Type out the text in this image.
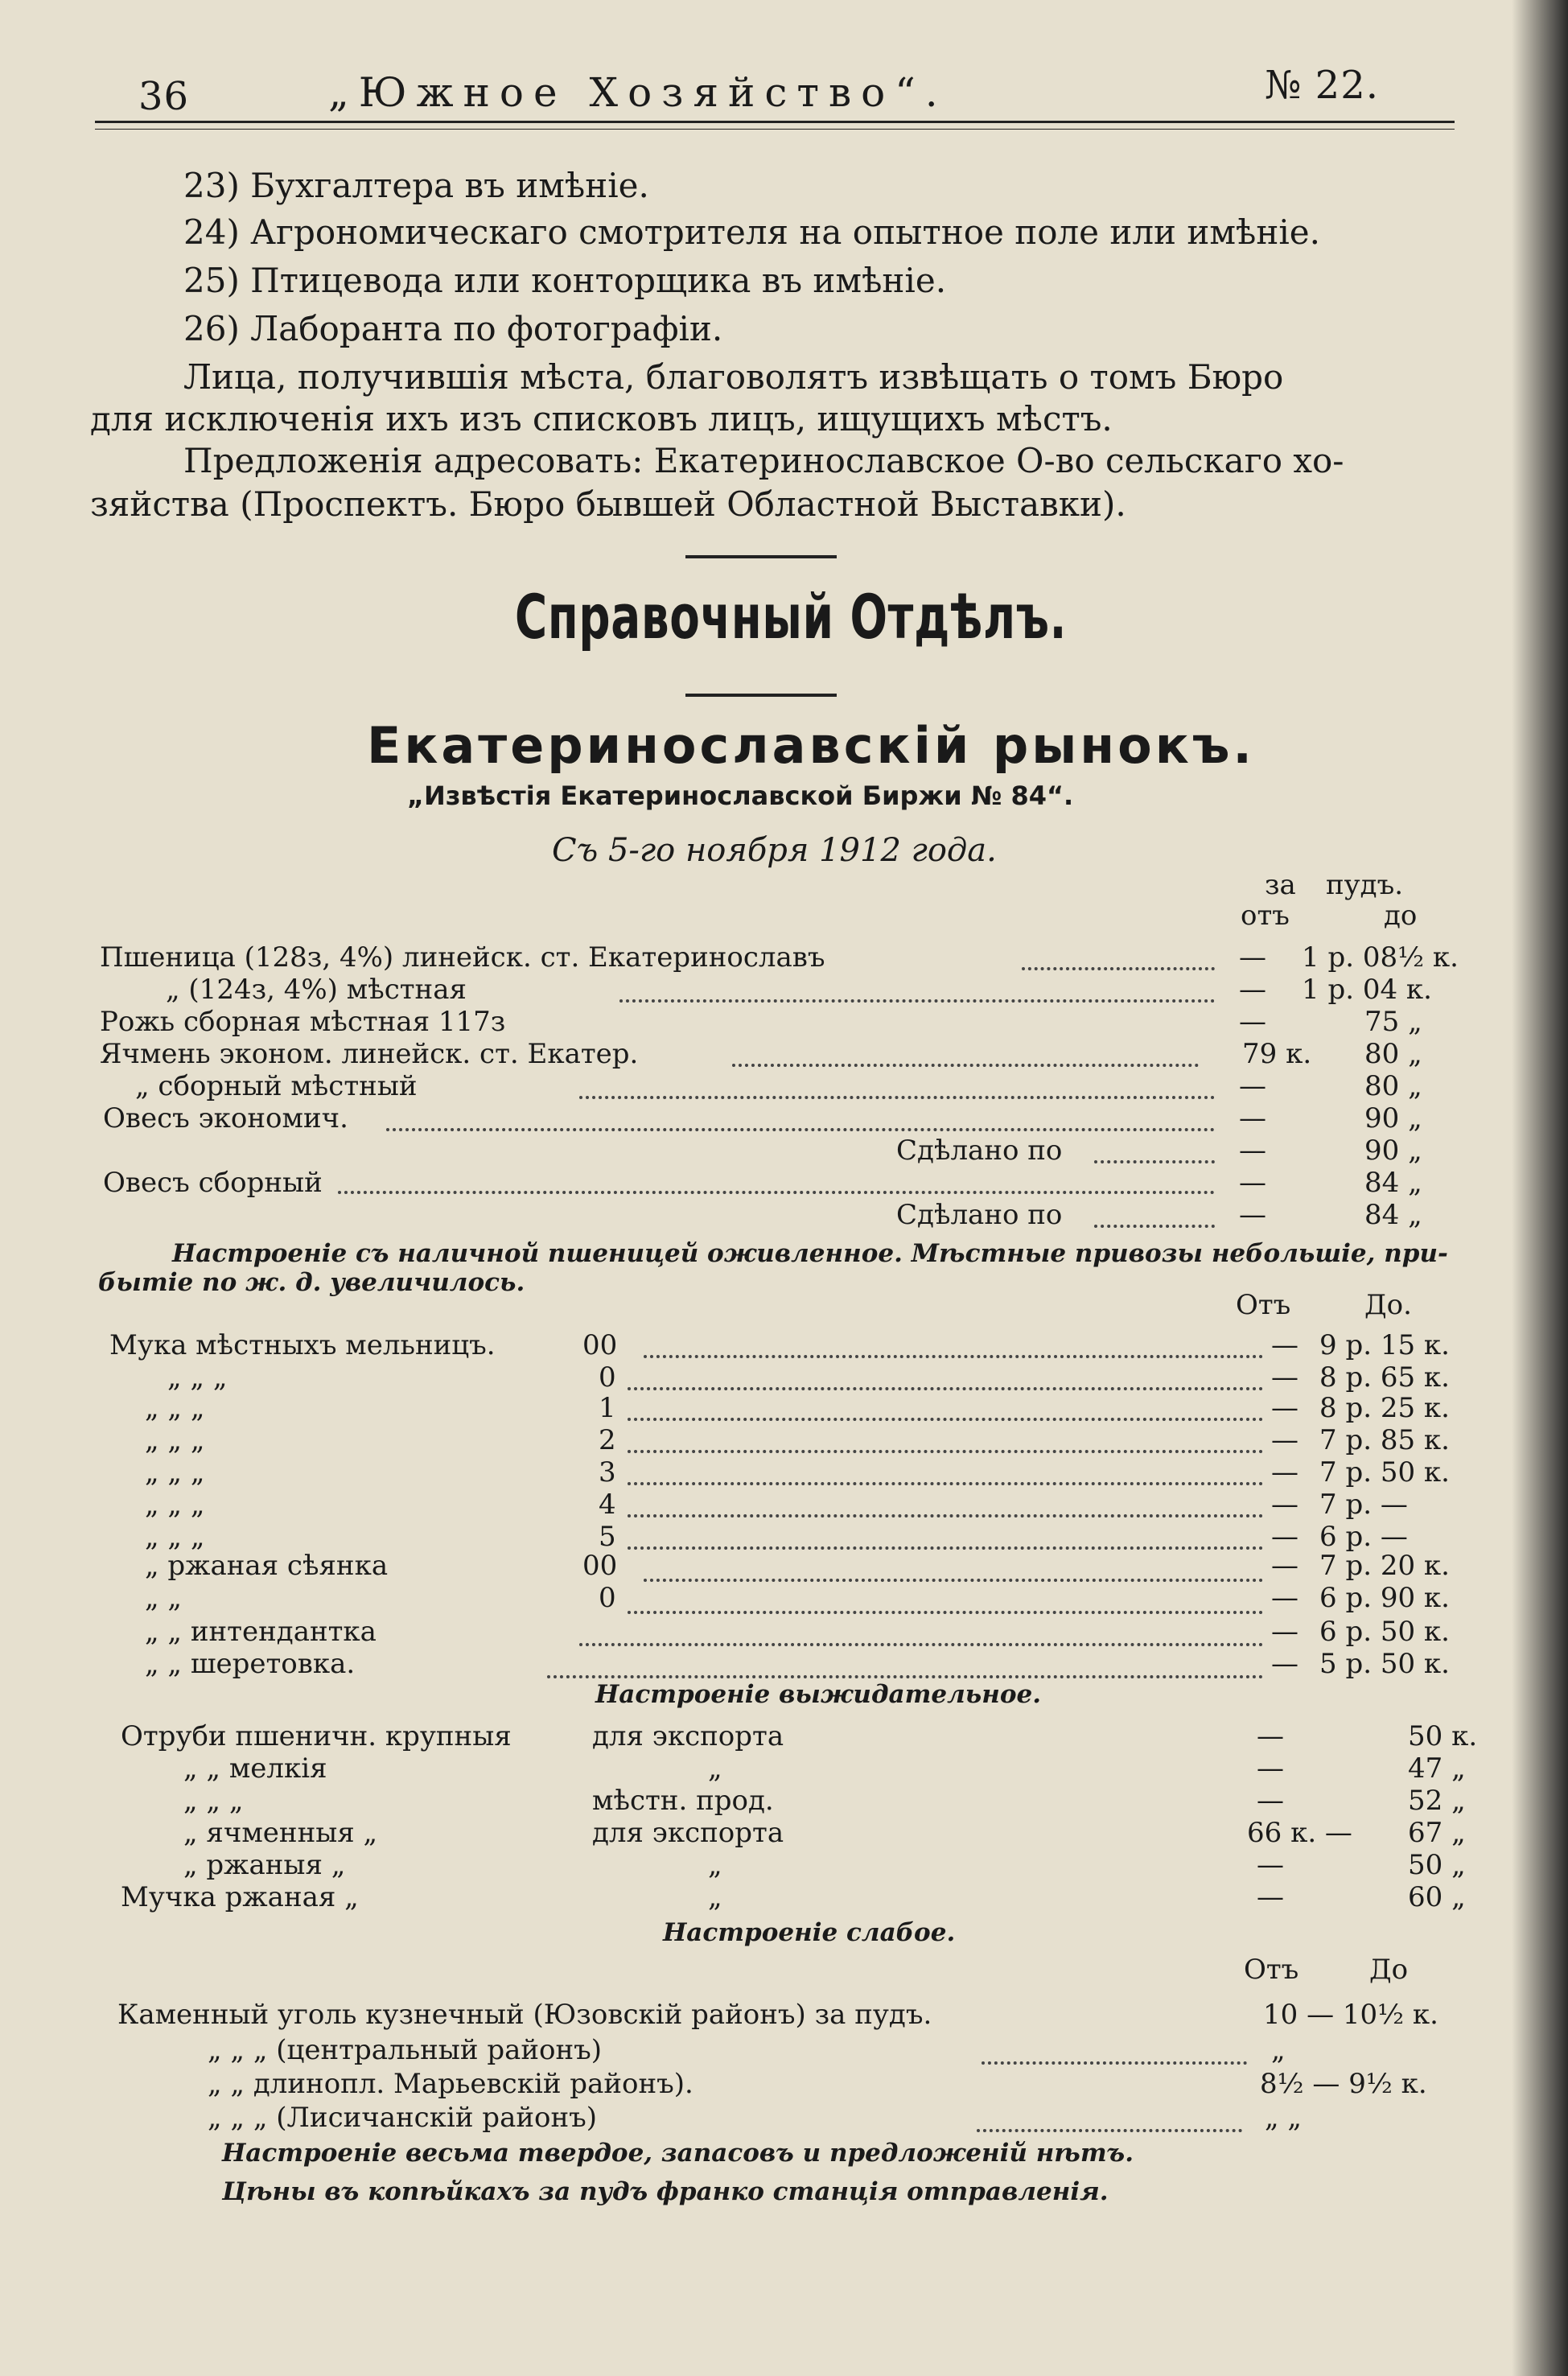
36	„Южное Хозяйство“.	№ 22.
23) Бухгалтера въ имѣніе.
24) Агрономическаго смотрителя на опытное поле или имѣніе.
25) Птицевода или конторщика въ имѣніе.
26) Лаборанта по фотографіи.
Лица, получившія мѣста, благоволятъ извѣщать о томъ Бюро
для исключенія ихъ изъ списковъ лицъ, ищущихъ мѣстъ.
Предложенія адресовать: Екатеринославское О-во сельскаго хо-
зяйства (Проспектъ. Бюро бывшей Областной Выставки).
Справочный Отдѣлъ.
Екатеринославскій рынокъ.
„Извѣстія Екатеринославской Биржи № 84“.
Съ 5-го ноября 1912 года.
за пудъ.
отъ	до
Пшеница (128з, 4%) линейск. ст. Екатеринославъ	— 1 р. 08½ к.
„ (124з, 4%) мѣстная	— 1 р. 04 к.
Рожь сборная мѣстная 117з	—	75 „
Ячмень эконом. линейск. ст. Екатер.	79 к. 80 „
„ сборный мѣстный	—	80 „
Овесъ экономич.	—	90 „
Сдѣлано по	—	90 „
Овесъ сборный	—	84 „
Сдѣлано по	—	84 „
Настроеніе съ наличной пшеницей оживленное. Мѣстные привозы небольшіе, при-
бытіе по ж. д. увеличилось.
Отъ	До.
Мука мѣстныхъ мельницъ.	00	— 9 р. 15 к.
„ „ „	0	— 8 р. 65 к.
„ „ „	1	— 8 р. 25 к.
„ „ „	2	— 7 р. 85 к.
„ „ „	3	— 7 р. 50 к.
„ „ „	4	— 7 р. —
„ „ „	5	— 6 р. —
„ ржаная сѣянка	00	— 7 р. 20 к.
„ „	0	— 6 р. 90 к.
„ „ интендантка	— 6 р. 50 к.
„ „ шеретовка.	— 5 р. 50 к.
Настроеніе выжидательное.
Отруби пшеничн. крупныя	для экспорта	—	50 к.
„ „ мелкія	„	—	47 „
„ „ „	мѣстн. прод.	—	52 „
„ ячменныя „	для экспорта	66 к. — 67 „
„ ржаныя „	„	—	50 „
Мучка ржаная „	„	—	60 „
Настроеніе слабое.
Отъ	До
Каменный уголь кузнечный (Юзовскій районъ) за пудъ.	10 — 10½ к.
„ „ „ (центральный районъ)	„
„ „ длинопл. Марьевскій районъ).	8½ — 9½ к.
„ „ „ (Лисичанскій районъ)	„ „
Настроеніе весьма твердое, запасовъ и предложеній нѣтъ.
Цѣны въ копѣйкахъ за пудъ франко станція отправленія.
